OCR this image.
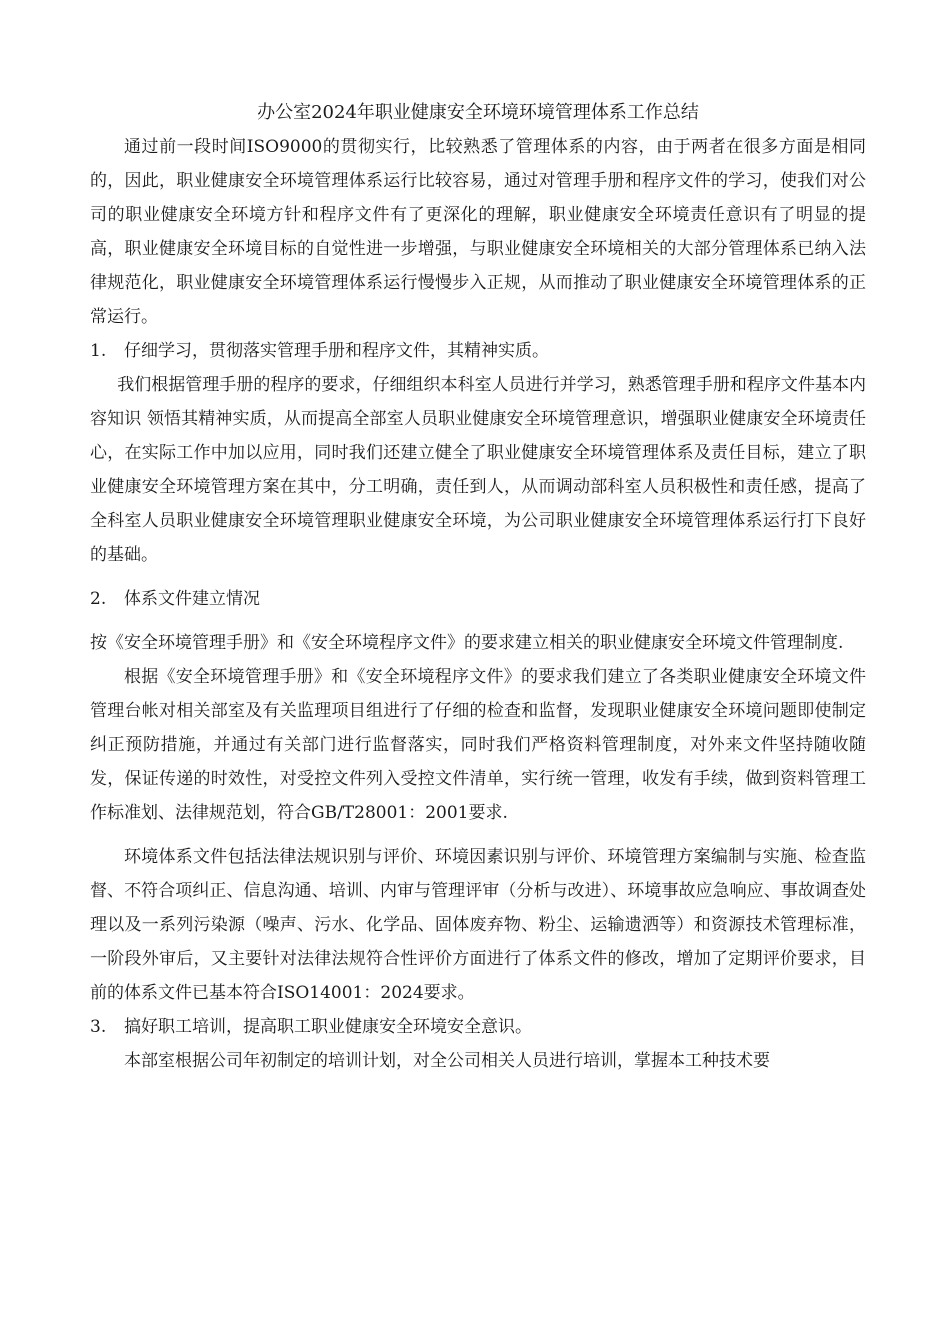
办公室2024年职业健康安全环境环境管理体系工作总结

通过前一段时间ISO9000的贯彻实行，比较熟悉了管理体系的内容，由于两者在很多方面是相同的，因此，职业健康安全环境管理体系运行比较容易，通过对管理手册和程序文件的学习，使我们对公司的职业健康安全环境方针和程序文件有了更深化的理解，职业健康安全环境责任意识有了明显的提高，职业健康安全环境目标的自觉性进一步增强，与职业健康安全环境相关的大部分管理体系已纳入法律规范化，职业健康安全环境管理体系运行慢慢步入正规，从而推动了职业健康安全环境管理体系的正常运行。

1. 仔细学习，贯彻落实管理手册和程序文件，其精神实质。

我们根据管理手册的程序的要求，仔细组织本科室人员进行并学习，熟悉管理手册和程序文件基本内容知识 领悟其精神实质，从而提高全部室人员职业健康安全环境管理意识，增强职业健康安全环境责任心，在实际工作中加以应用，同时我们还建立健全了职业健康安全环境管理体系及责任目标，建立了职业健康安全环境管理方案在其中，分工明确，责任到人，从而调动部科室人员积极性和责任感，提高了全科室人员职业健康安全环境管理职业健康安全环境，为公司职业健康安全环境管理体系运行打下良好的基础。

2. 体系文件建立情况

按《安全环境管理手册》和《安全环境程序文件》的要求建立相关的职业健康安全环境文件管理制度.

根据《安全环境管理手册》和《安全环境程序文件》的要求我们建立了各类职业健康安全环境文件管理台帐对相关部室及有关监理项目组进行了仔细的检查和监督，发现职业健康安全环境问题即使制定纠正预防措施，并通过有关部门进行监督落实，同时我们严格资料管理制度，对外来文件坚持随收随发，保证传递的时效性，对受控文件列入受控文件清单，实行统一管理，收发有手续，做到资料管理工作标准划、法律规范划，符合GB/T28001：2001要求.

环境体系文件包括法律法规识别与评价、环境因素识别与评价、环境管理方案编制与实施、检查监督、不符合项纠正、信息沟通、培训、内审与管理评审（分析与改进）、环境事故应急响应、事故调查处理以及一系列污染源（噪声、污水、化学品、固体废弃物、粉尘、运输遗洒等）和资源技术管理标准，一阶段外审后，又主要针对法律法规符合性评价方面进行了体系文件的修改，增加了定期评价要求，目前的体系文件已基本符合ISO14001：2024要求。

3. 搞好职工培训，提高职工职业健康安全环境安全意识。

本部室根据公司年初制定的培训计划，对全公司相关人员进行培训，掌握本工种技术要
